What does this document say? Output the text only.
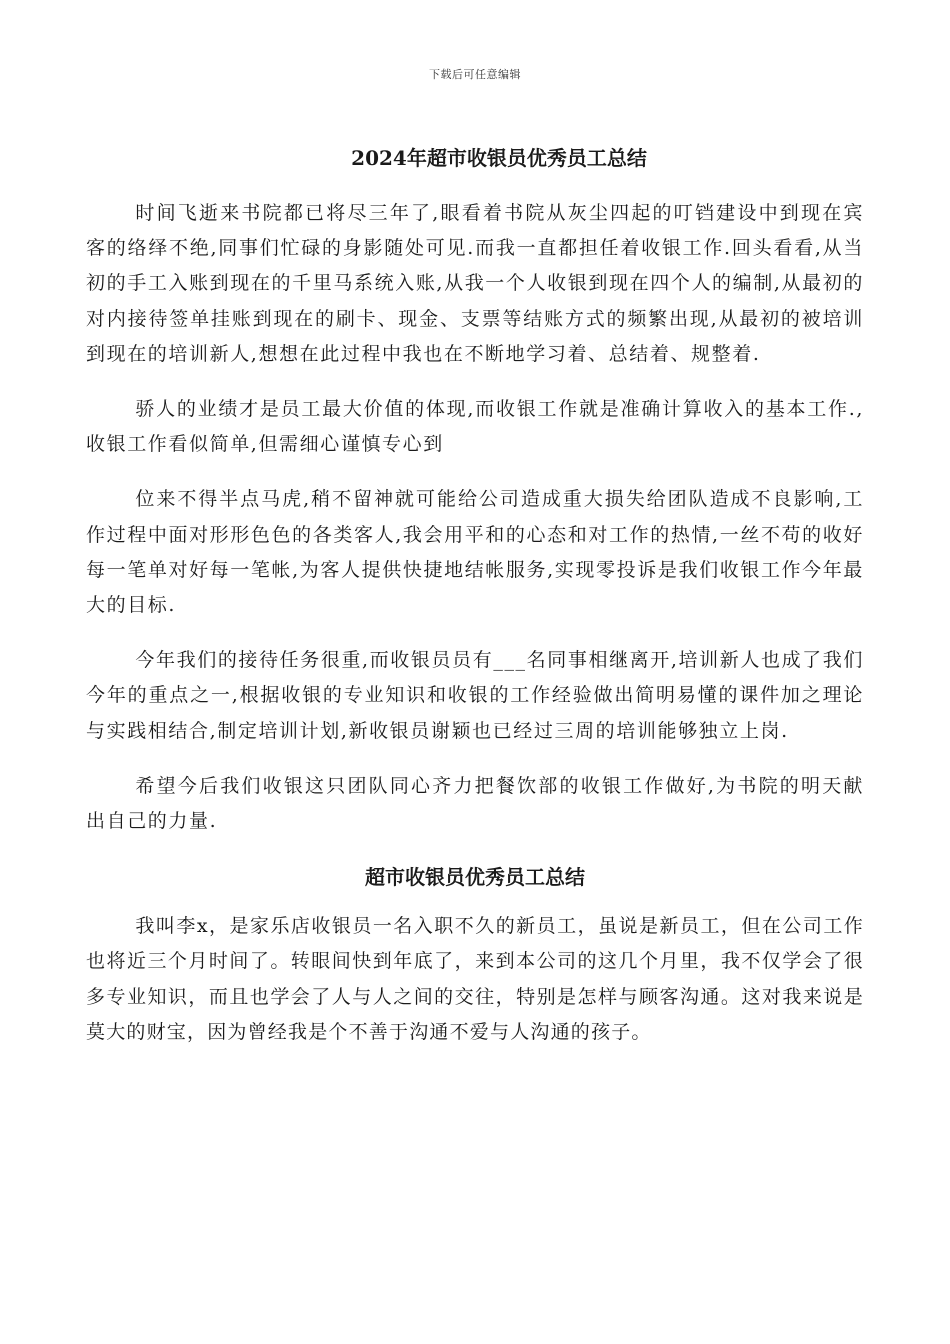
下载后可任意编辑
2024年超市收银员优秀员工总结

时间飞逝来书院都已将尽三年了,眼看着书院从灰尘四起的叮铛建设中到现在宾客的络绎不绝,同事们忙碌的身影随处可见.而我一直都担任着收银工作.回头看看,从当初的手工入账到现在的千里马系统入账,从我一个人收银到现在四个人的编制,从最初的对内接待签单挂账到现在的刷卡、现金、支票等结账方式的频繁出现,从最初的被培训到现在的培训新人,想想在此过程中我也在不断地学习着、总结着、规整着.

骄人的业绩才是员工最大价值的体现,而收银工作就是准确计算收入的基本工作.,收银工作看似简单,但需细心谨慎专心到

位来不得半点马虎,稍不留神就可能给公司造成重大损失给团队造成不良影响,工作过程中面对形形色色的各类客人,我会用平和的心态和对工作的热情,一丝不苟的收好每一笔单对好每一笔帐,为客人提供快捷地结帐服务,实现零投诉是我们收银工作今年最大的目标.

今年我们的接待任务很重,而收银员员有___名同事相继离开,培训新人也成了我们今年的重点之一,根据收银的专业知识和收银的工作经验做出简明易懂的课件加之理论与实践相结合,制定培训计划,新收银员谢颖也已经过三周的培训能够独立上岗.

希望今后我们收银这只团队同心齐力把餐饮部的收银工作做好,为书院的明天献出自己的力量.

超市收银员优秀员工总结

我叫李x，是家乐店收银员一名入职不久的新员工，虽说是新员工，但在公司工作也将近三个月时间了。转眼间快到年底了，来到本公司的这几个月里，我不仅学会了很多专业知识，而且也学会了人与人之间的交往，特别是怎样与顾客沟通。这对我来说是莫大的财宝，因为曾经我是个不善于沟通不爱与人沟通的孩子。
